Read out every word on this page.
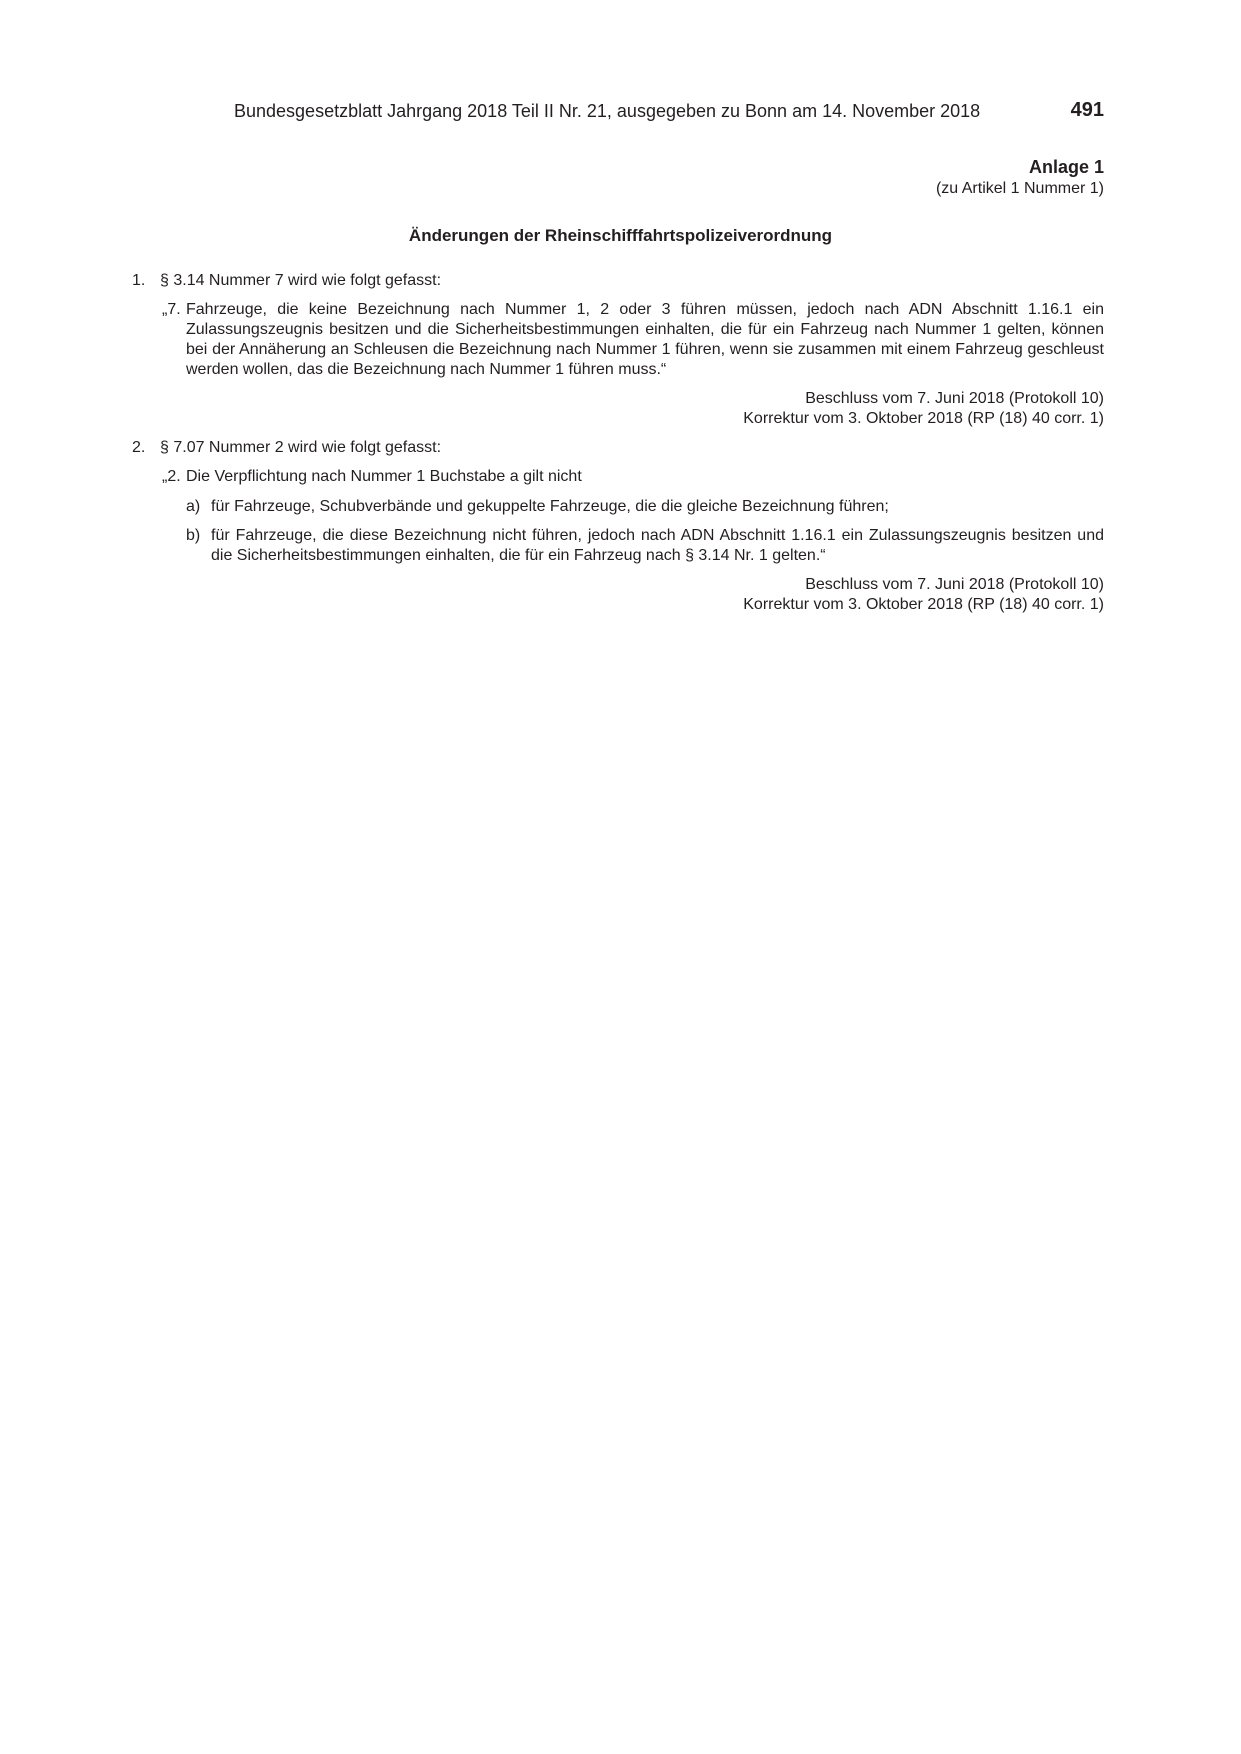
Bundesgesetzblatt Jahrgang 2018 Teil II Nr. 21, ausgegeben zu Bonn am 14. November 2018	491
Anlage 1
(zu Artikel 1 Nummer 1)
Änderungen der Rheinschifffahrtspolizeiverordnung
1. § 3.14 Nummer 7 wird wie folgt gefasst:
„7. Fahrzeuge, die keine Bezeichnung nach Nummer 1, 2 oder 3 führen müssen, jedoch nach ADN Abschnitt 1.16.1 ein Zulassungszeugnis besitzen und die Sicherheitsbestimmungen einhalten, die für ein Fahrzeug nach Nummer 1 gelten, können bei der Annäherung an Schleusen die Bezeichnung nach Nummer 1 führen, wenn sie zusammen mit einem Fahrzeug geschleust werden wollen, das die Bezeichnung nach Nummer 1 führen muss.“
Beschluss vom 7. Juni 2018 (Protokoll 10)
Korrektur vom 3. Oktober 2018 (RP (18) 40 corr. 1)
2. § 7.07 Nummer 2 wird wie folgt gefasst:
„2. Die Verpflichtung nach Nummer 1 Buchstabe a gilt nicht
a) für Fahrzeuge, Schubverbände und gekuppelte Fahrzeuge, die die gleiche Bezeichnung führen;
b) für Fahrzeuge, die diese Bezeichnung nicht führen, jedoch nach ADN Abschnitt 1.16.1 ein Zulassungszeugnis besitzen und die Sicherheitsbestimmungen einhalten, die für ein Fahrzeug nach § 3.14 Nr. 1 gelten.“
Beschluss vom 7. Juni 2018 (Protokoll 10)
Korrektur vom 3. Oktober 2018 (RP (18) 40 corr. 1)
